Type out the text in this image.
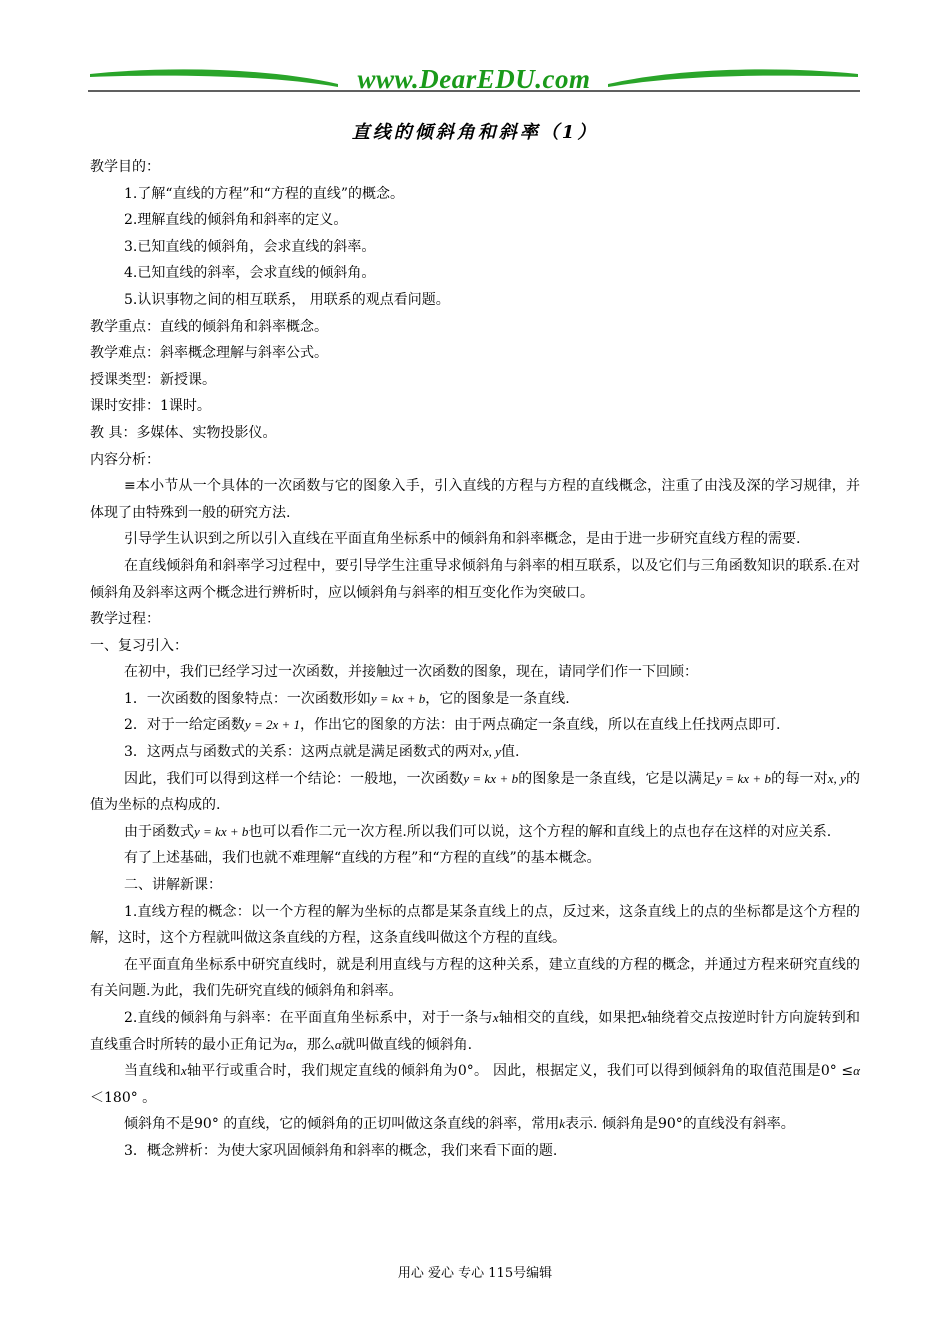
www.DearEDU.com
直线的倾斜角和斜率（1）

教学目的：

1.了解“直线的方程”和“方程的直线”的概念。

2.理解直线的倾斜角和斜率的定义。

3.已知直线的倾斜角，会求直线的斜率。

4.已知直线的斜率，会求直线的倾斜角。

5.认识事物之间的相互联系， 用联系的观点看问题。

教学重点：直线的倾斜角和斜率概念。

教学难点：斜率概念理解与斜率公式。

授课类型：新授课。

课时安排：1课时。

教 具：多媒体、实物投影仪。

内容分析：

≡本小节从一个具体的一次函数与它的图象入手，引入直线的方程与方程的直线概念，注重了由浅及深的学习规律，并体现了由特殊到一般的研究方法.

引导学生认识到之所以引入直线在平面直角坐标系中的倾斜角和斜率概念，是由于进一步研究直线方程的需要.

在直线倾斜角和斜率学习过程中，要引导学生注重导求倾斜角与斜率的相互联系，以及它们与三角函数知识的联系.在对倾斜角及斜率这两个概念进行辨析时，应以倾斜角与斜率的相互变化作为突破口。

教学过程：

一、复习引入：

在初中，我们已经学习过一次函数，并接触过一次函数的图象，现在，请同学们作一下回顾：

1．一次函数的图象特点：一次函数形如y = kx + b，它的图象是一条直线.

2．对于一给定函数y = 2x + 1，作出它的图象的方法：由于两点确定一条直线，所以在直线上任找两点即可.

3．这两点与函数式的关系：这两点就是满足函数式的两对x, y值.

因此，我们可以得到这样一个结论：一般地，一次函数y = kx + b的图象是一条直线，它是以满足y = kx + b的每一对x, y的值为坐标的点构成的.

由于函数式y = kx + b也可以看作二元一次方程.所以我们可以说，这个方程的解和直线上的点也存在这样的对应关系.

有了上述基础，我们也就不难理解“直线的方程”和“方程的直线”的基本概念。

二、讲解新课：

1.直线方程的概念：以一个方程的解为坐标的点都是某条直线上的点，反过来，这条直线上的点的坐标都是这个方程的解，这时，这个方程就叫做这条直线的方程，这条直线叫做这个方程的直线。

在平面直角坐标系中研究直线时，就是利用直线与方程的这种关系，建立直线的方程的概念，并通过方程来研究直线的有关问题.为此，我们先研究直线的倾斜角和斜率。

2.直线的倾斜角与斜率：在平面直角坐标系中，对于一条与x轴相交的直线，如果把x轴绕着交点按逆时针方向旋转到和直线重合时所转的最小正角记为α，那么α就叫做直线的倾斜角.

当直线和x轴平行或重合时，我们规定直线的倾斜角为0°。 因此，根据定义，我们可以得到倾斜角的取值范围是0° ≤α＜180° 。

倾斜角不是90° 的直线，它的倾斜角的正切叫做这条直线的斜率，常用k表示. 倾斜角是90°的直线没有斜率。

3．概念辨析：为使大家巩固倾斜角和斜率的概念，我们来看下面的题.

用心 爱心 专心 115号编辑
